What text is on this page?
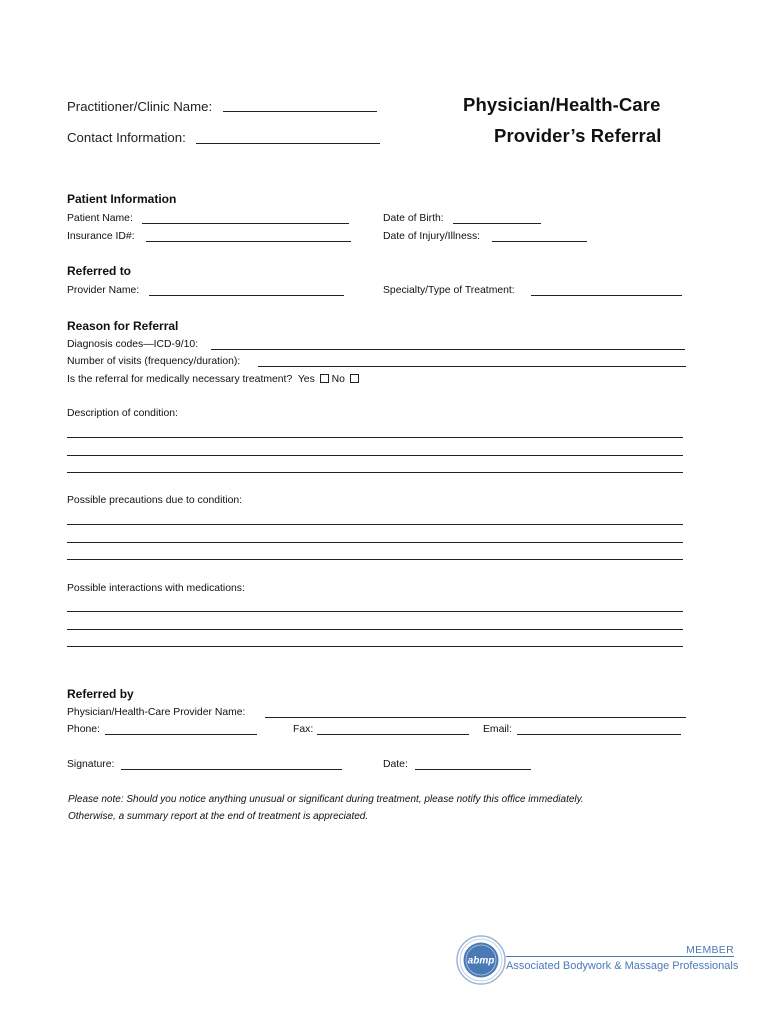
Practitioner/Clinic Name:
Contact Information:
Physician/Health-Care
Provider’s Referral
Patient Information
Patient Name:	Date of Birth:
Insurance ID#:	Date of Injury/Illness:
Referred to
Provider Name:	Specialty/Type of Treatment:
Reason for Referral
Diagnosis codes—ICD-9/10:
Number of visits (frequency/duration):
Is the referral for medically necessary treatment? Yes No
Description of condition:
Possible precautions due to condition:
Possible interactions with medications:
Referred by
Physician/Health-Care Provider Name:
Phone:	Fax:	Email:
Signature:	Date:
Please note: Should you notice anything unusual or significant during treatment, please notify this office immediately.
Otherwise, a summary report at the end of treatment is appreciated.
abmp
MEMBER
Associated Bodywork & Massage Professionals
